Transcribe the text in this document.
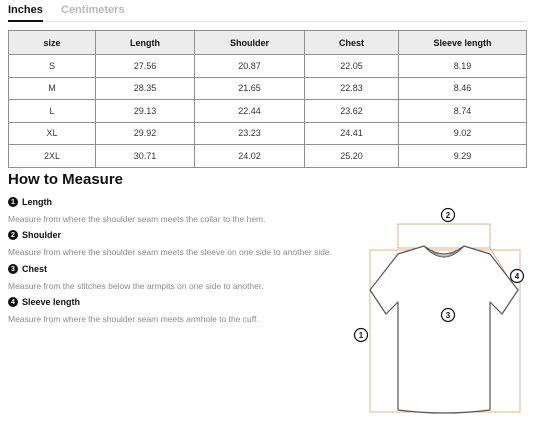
Inches Centimeters
size	Length	Shoulder	Chest	Sleeve length
S	27.56	20.87	22.05	8.19
M	28.35	21.65	22.83	8.46
L	29.13	22.44	23.62	8.74
XL	29.92	23.23	24.41	9.02
2XL	30.71	24.02	25.20	9.29
How to Measure
1 Length
Measure from where the shoulder seam meets the collar to the hem.
2 Shoulder
Measure from where the shoulder seam meets the sleeve on one side to another side.
3 Chest
Measure from the stitches below the armpits on one side to another.
4 Sleeve length
Measure from where the shoulder seam meets armhole to the cuff.
1
2
3
4
